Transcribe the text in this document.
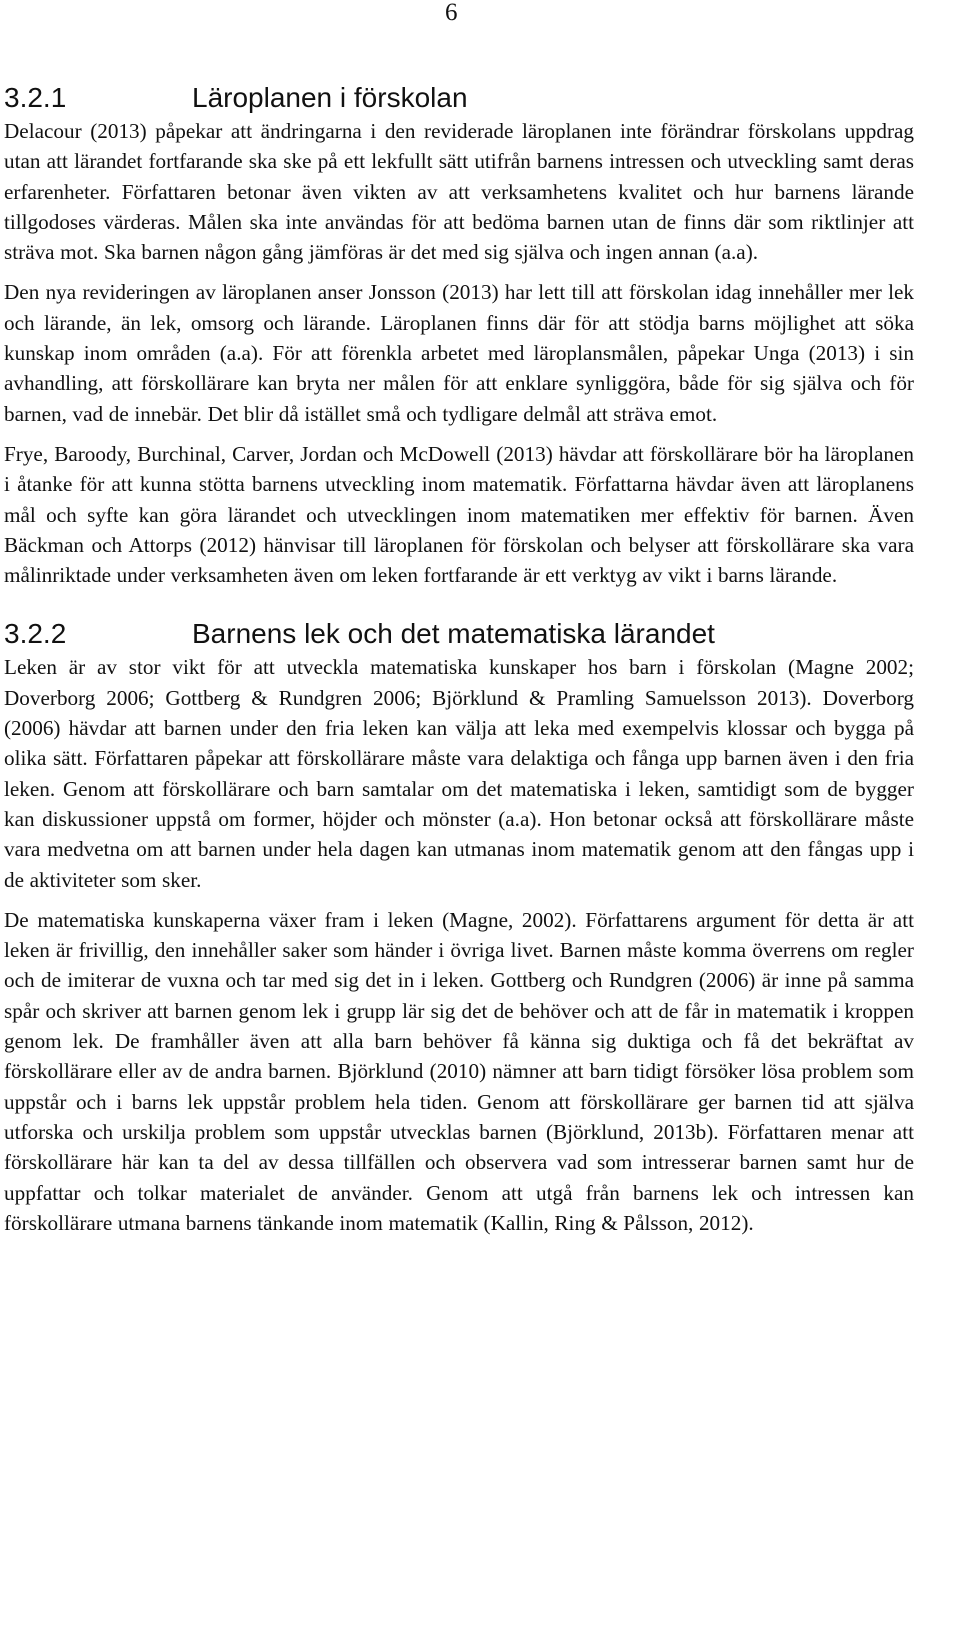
6
3.2.1	Läroplanen i förskolan

Delacour (2013) påpekar att ändringarna i den reviderade läroplanen inte förändrar förskolans uppdrag utan att lärandet fortfarande ska ske på ett lekfullt sätt utifrån barnens intressen och utveckling samt deras erfarenheter. Författaren betonar även vikten av att verksamhetens kvalitet och hur barnens lärande tillgodoses värderas. Målen ska inte användas för att bedöma barnen utan de finns där som riktlinjer att sträva mot. Ska barnen någon gång jämföras är det med sig själva och ingen annan (a.a).

Den nya revideringen av läroplanen anser Jonsson (2013) har lett till att förskolan idag innehåller mer lek och lärande, än lek, omsorg och lärande. Läroplanen finns där för att stödja barns möjlighet att söka kunskap inom områden (a.a). För att förenkla arbetet med läroplansmålen, påpekar Unga (2013) i sin avhandling, att förskollärare kan bryta ner målen för att enklare synliggöra, både för sig själva och för barnen, vad de innebär. Det blir då istället små och tydligare delmål att sträva emot.

Frye, Baroody, Burchinal, Carver, Jordan och McDowell (2013) hävdar att förskollärare bör ha läroplanen i åtanke för att kunna stötta barnens utveckling inom matematik. Författarna hävdar även att läroplanens mål och syfte kan göra lärandet och utvecklingen inom matematiken mer effektiv för barnen. Även Bäckman och Attorps (2012) hänvisar till läroplanen för förskolan och belyser att förskollärare ska vara målinriktade under verksamheten även om leken fortfarande är ett verktyg av vikt i barns lärande.

3.2.2	Barnens lek och det matematiska lärandet

Leken är av stor vikt för att utveckla matematiska kunskaper hos barn i förskolan (Magne 2002; Doverborg 2006; Gottberg & Rundgren 2006; Björklund & Pramling Samuelsson 2013). Doverborg (2006) hävdar att barnen under den fria leken kan välja att leka med exempelvis klossar och bygga på olika sätt. Författaren påpekar att förskollärare måste vara delaktiga och fånga upp barnen även i den fria leken. Genom att förskollärare och barn samtalar om det matematiska i leken, samtidigt som de bygger kan diskussioner uppstå om former, höjder och mönster (a.a). Hon betonar också att förskollärare måste vara medvetna om att barnen under hela dagen kan utmanas inom matematik genom att den fångas upp i de aktiviteter som sker.

De matematiska kunskaperna växer fram i leken (Magne, 2002). Författarens argument för detta är att leken är frivillig, den innehåller saker som händer i övriga livet. Barnen måste komma överrens om regler och de imiterar de vuxna och tar med sig det in i leken. Gottberg och Rundgren (2006) är inne på samma spår och skriver att barnen genom lek i grupp lär sig det de behöver och att de får in matematik i kroppen genom lek. De framhåller även att alla barn behöver få känna sig duktiga och få det bekräftat av förskollärare eller av de andra barnen. Björklund (2010) nämner att barn tidigt försöker lösa problem som uppstår och i barns lek uppstår problem hela tiden. Genom att förskollärare ger barnen tid att själva utforska och urskilja problem som uppstår utvecklas barnen (Björklund, 2013b). Författaren menar att förskollärare här kan ta del av dessa tillfällen och observera vad som intresserar barnen samt hur de uppfattar och tolkar materialet de använder. Genom att utgå från barnens lek och intressen kan förskollärare utmana barnens tänkande inom matematik (Kallin, Ring & Pålsson, 2012).
